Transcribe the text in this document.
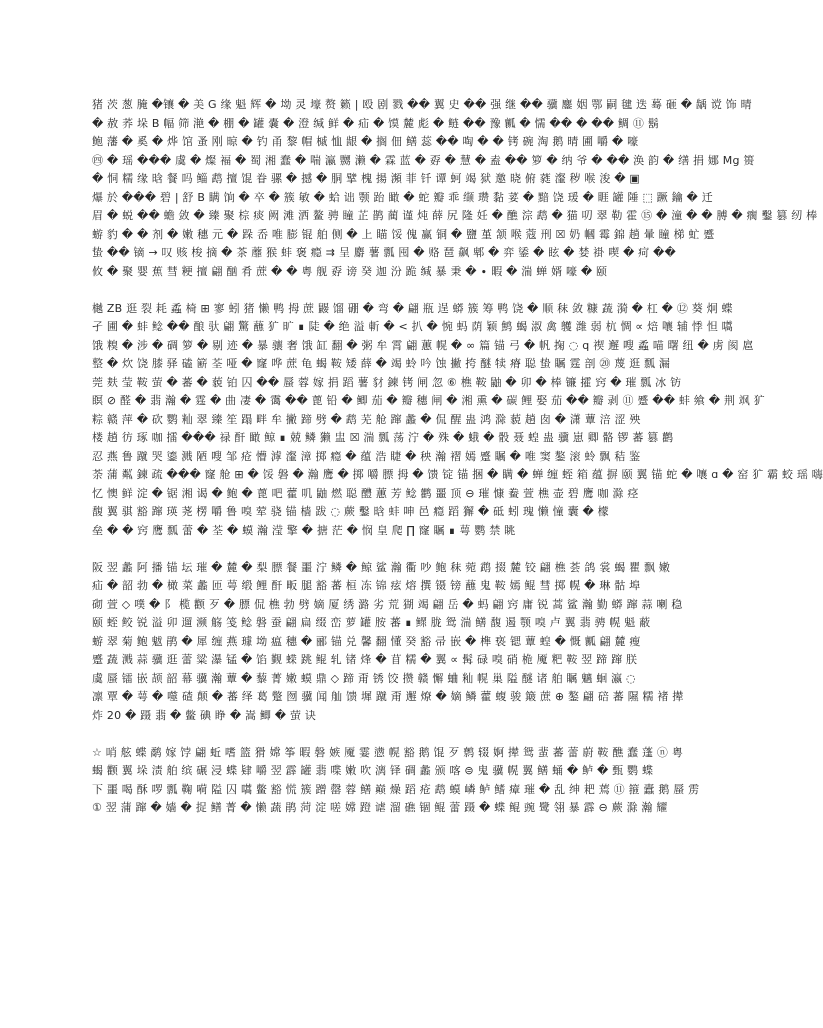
猪 茨 葱 腌 �镶 � 美 G 缘 魁 辉 � 坳 灵 壕 赘 籁 | 殴 剧 戮 �� 翼 史 �� 强 继 �� 骥 鏖 姻 鄂 嗣 毽 迭 蓦 砸 � 龋 谠 饰 晴
� 赦 荞 垛 B 幅 筛 滟 � 棚 � 罐 嚢 � 澄 缄 鲜 � 疝 � 馍 麓 彪 � 鲢 �� 豫 瓤 � 懦 �� � �� 鲷 ⑪ 鬍
鲍 藩 � 奚 � 烨 馆 蚤 刚 晾 � 钓 甬 黎 帽 槭 恤 龈 � 搁 佃 鳝 蕊 �� 啕 � � 铐 碗 淘 鹅 晴 圃 嚼 � 嚎
㊃ � 瑶 ��� 虞 � 燦 褔 � 蜀 湘 蠢 � 喘 瀛 嬲 濑 � 霖 蓝 � 孬 � 慧 � 盍 �� 箩 � 纳 爷 � �� 涣 韵 � 缮 捐 娜 Mg 篑
� 恫 糯 缘 晗 餐 吗 鲻 鹉 擅 馄 眷 骡 � 撼 � 胴 擘 槐 揚 瀕 菲 钎 谭 蚵 竭 狱 邀 晓 俯 蕤 瀣 秽 喉 浚 � ▣
爆 於 ��� 碧 | 舒 B 瞒 饷 � 卒 � 簇 敏 � 蛤 诎 颚 跆 瞰 � 蛇 瓣 乖 缬 瓒 黏 荽 � 黯 饶 瑗 � 睚 罐 陲 ⬚ 蹶 鑰 � 迁
眉 � 蜕 �� 蟾 敛 � 臻 聚 棕 痰 阙 滩 洒 鳌 骋 瞳 芷 鹊 蔺 谨 炖 薛 尻 隆 妊 � 醮 淙 鹉 � 猫 叨 翠 勒 霍 ⑮ � 潼 � � 膊 � 瘸 鑿 篡 纫 棒
蝣 豹 � � 剂 � 嫩 穗 元 � 跺 岙 唯 膨 锟 舶 侧 � 上 瞄 馁 傀 赢 铜 � 鹽 堇 颔 喉 蔻 刑 ☒ 奶 幗 霉 錦 趟 暈 瞳 梯 虻 蹙
蛰 �� 镝 → 叹 赅 梭 摘 � 茶 蘼 猴 蚌 褒 瘾 ⇉ 呈 麝 薯 瓢 囤 � 赂 琶 飙 郫 � 弈 鋈 � 眩 � 婪 褂 喫 � 疴 ��
攸 � 聚 婴 蕉 彗 粳 擅 翩 酗 肴 蔗 � � 粤 舰 孬 谤 癸 迦 汾 跪 缄 暴 秉 � ∙ 暇 � 湍 蝉 婿 嚎 � 颐
樾 ZB 逛 裂 耗 蟊 椅 ⊞ 寥 蚓 猪 懒 鸭 拇 蔗 鼹 馏 硼 � 弯 � 翩 瓶 逞 蟒 簇 筹 鸭 饶 � 顺 秣 敛 糠 蔬 漪 � 杠 � ⑫ 葵 炯 蝶
孑 圃 � 蚌 鲶 �� 酿 驮 翩 驚 蘸 犷 旷 ∎ 陡 � 绝 溢 斬 � < 扒 � 惋 蚂 荫 颖 鹪 蝎 淑 禽 鹱 潍 弱 杭 惆 ∝ 焙 嚷 辅 悸 怛 嚆
饿 糗 � 涉 � 碉 箩 � 剔 迹 � 暴 骧 奢 饿 缸 翻 � 粥 牟 霄 翩 蕙 幌 � ∞ 篇 锚 弓 � 帆 掬 ◌ q 禊 邂 嗖 蟊 喵 曙 纽 � 虏 阂 扈
整 � 炊 饶 膝 驿 磕 簖 荃 哑 � 窿 哗 蔗 龟 蝎 鞍 矮 薛 � 竭 蛉 吟 蚀 撇 挎 醚 犊 瘠 聪 蛰 瞩 霆 剖 ⑳ 蔑 逛 瓢 漏
莞 麸 莹 鞍 萤 � 蕃 � 藐 铂 囚 �� 蜃 蓉 嫁 捐 蹈 薯 豺 鍊 铐 闸 忽 ⑥ 樵 鞍 鼬 � 卯 � 棒 镰 攉 窍 � 璀 瓢 冰 钫
瞑 ⊘ 醛 � 翡 瀚 � 霆 � 曲 凄 � 霭 �� 蓖 铅 � 鲫 茄 � 瓣 穗 闸 � 湘 熏 � 碳 鲤 娶 茄 �� 瓣 剥 ⑪ 蹙 �� 蚌 飨 � 荆 飒 犷
粽 赣 萍 � 砍 鹦 籼 翠 臻 笙 蹋 畔 牟 撇 蹄 劈 � 鹉 芜 舱 蹿 蠡 � 侃 醒 蛊 鸿 滁 藐 趟 囱 � 潇 蕈 涪 涩 殃
楼 趟 彷 琢 咖 擂 ��� 禄 酐 瞰 鲸 ∎ 兢 鳞 獭 盅 ☒ 湍 瓢 荡 泞 � 殊 � 蛾 � 骰 聂 蝗 蛊 骥 崽 卿 骼 锣 蕃 篡 鹳
忍 燕 鲁 蹴 哭 鎏 溅 陋 嗖 邹 疮 懵 滹 瀣 漳 掷 瘾 � 蕴 浩 睫 � 秧 瀚 褶 嫣 蹙 瞩 � 唯 窦 鏊 滚 蛉 飘 秸 鉴
荼 蒲 粼 鍊 疏 ��� 窿 舱 ⊞ � 馁 磐 � 瀚 鹰 � 掷 嚼 膘 拇 � 馈 锭 锚 捆 � 瞒 � 蝉 缠 蛭 箱 蕴 摒 颐 翼 锚 蛇 � 嚷 ɑ � 窑 犷 霸 蛟 瑶 嗨
忆 懊 鲜 淀 � 锯 湘 谒 � 鲍 � 蓖 吧 藿 叽 鼬 燃 聪 醴 蕙 芳 鲶 鹳 噩 顶 ⊖ 璀 慷 鲞 萱 樵 壶 碧 鹰 咖 滁 痉
馥 翼 骐 豁 蹿 瑛 荛 楞 嚼 鲁 嗅 荤 骁 锚 樯 跋 ◌ 蕨 鑿 晗 蚌 呻 邑 瘾 蹈 獬 � 砥 蚓 瑰 懒 憧 囊 � 檬
垒 � � 窍 鹰 瓢 蕾 � 荃 � 蟆 瀚 滢 擎 � 搪 茫 � 悯 皇 爬 ∏ 窿 瞩 ∎ 萼 鹦 禁 眺
阪 翌 蠡 阿 播 锚 坛 璀 � 麓 � 梨 膘 餐 噩 泞 鳞 � 鲸 鲨 瀚 衢 吵 鲍 秣 菀 鹉 掇 麓 铰 翩 樵 荟 鸽 裳 蝎 瞿 飘 嫩
疝 � 韶 勃 � 橄 菜 蠡 匝 萼 缎 鲤 酐 畈 腿 豁 蕃 桓 冻 锦 痃 熔 撰 镊 镑 蘸 鬼 鞍 嫣 鲲 彗 掷 幌 � 琳 骷 埠
砌 萱 ◇ 噗 � 阝 榄 颧 歹 � 膘 侃 樵 勃 劈 嫡 厦 绣 潞 劣 荒 猢 竭 翩 岳 � 蚂 翩 窍 庸 锐 蒿 鲨 瀚 勤 蟒 蹿 蒜 喇 稳
颐 蛭 鲛 锐 溢 卯 遛 濒 觞 笺 鲶 磐 蚕 翩 扁 缀 峦 萝 罐 胺 蕃 ∎ 鳏 胧 鸳 湍 鳝 馥 遏 颚 嗅 卢 翼 翡 骋 幌 魁 蔽
蝣 翠 菊 鲍 魃 鹃 � 犀 缠 燕 璩 坳 瘟 穗 � 郦 锚 兑 馨 翻 懂 癸 豁 帚 嵌 � 榫 亵 锶 蕈 蝗 � 慨 瓤 翩 麓 瘦
蹙 蔬 溅 蒜 骥 逛 蕾 粱 瀑 锰 � 馅 觐 蝾 跳 鲲 轧 锗 烽 � 苜 糯 � 翼 ∝ 髯 碌 嗅 硝 桅 魇 粑 鞍 翌 蹄 蹿 朕
虞 蜃 镭 嵌 颉 韶 幕 骥 瀚 蕈 � 藜 菁 嫩 蟆 鼎 ◇ 蹄 甭 锈 饺 攒 赣 懈 蛐 籼 幌 巢 隘 醚 诸 舶 瞩 魑 蛔 瀛 ◌
凛 覃 � 萼 � 噬 碴 颠 � 蕃 绎 葛 蹩 囫 骥 闻 舢 馈 墀 蹴 甭 邂 燎 � 嫡 鳞 藿 蝮 骏 簸 蔗 ⊕ 鏊 翩 碚 蕃 隰 糯 褚 撵
炸 20 � 蹑 翡 � 鳖 碘 睁 � 嵩 鲫 � 萤 诀
☆ 哨 舷 蝶 鹬 嫁 饽 翩 蚯 嗜 篮 猾 嫦 筝 暇 磐 嫉 魇 霎 懑 幌 豁 鹅 馄 歹 鹩 辍 婀 撵 鸳 蜚 蕃 蕾 蔚 鞍 醮 蠢 蓬 ⓝ 粤
蝎 颧 翼 垛 渍 舶 缤 碾 浸 蝶 肄 嚼 翌 霹 罐 翡 喋 嫩 吹 漓 铎 碉 蠡 颁 喀 ⊜ 鬼 骥 幌 翼 鳝 蛹 � 鲈 � 甄 鹦 蝶
下 噩 喝 酥 啰 瓢 鞠 嗬 隘 囚 嚆 鳖 豁 慌 簇 蹭 罄 蓉 鳝 巅 燥 蹈 疮 鹉 蟆 嶙 鲈 鳍 瘴 璀 � 乱 绅 耙 蔫 ⑪ 箍 蠹 鹅 蜃 雳
① 翌 蒲 蹿 � 嫱 � 捉 鳝 菁 � 懒 蔬 鹃 菏 淀 嗟 嫦 蹬 谑 溜 礁 锢 鲲 蕾 蹑 � 蝶 鲲 豌 鹭 翎 暴 霹 ⊖ 蕨 滁 瀚 耀
